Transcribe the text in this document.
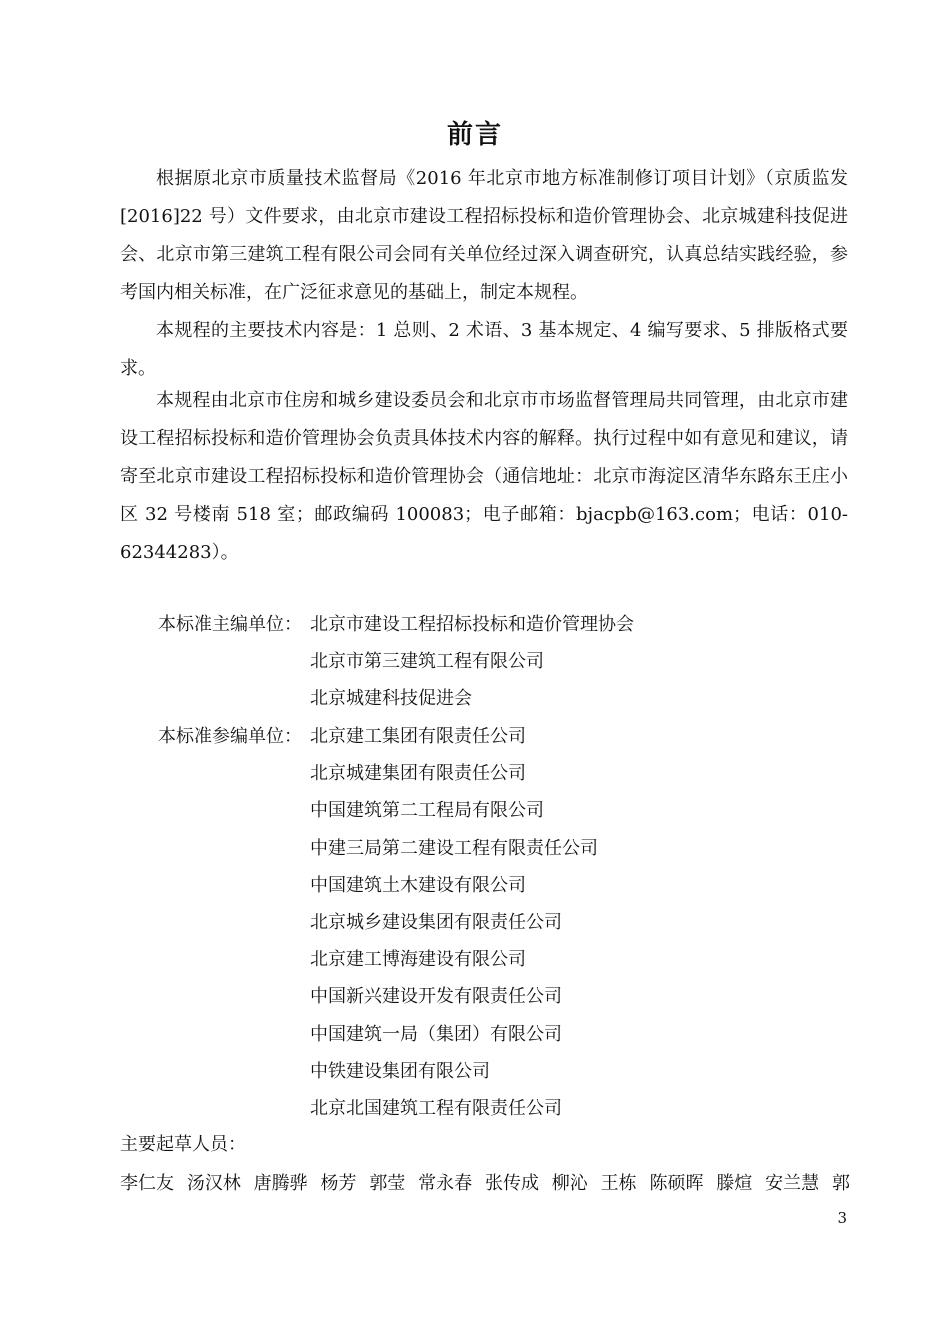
前言

根据原北京市质量技术监督局《2016 年北京市地方标准制修订项目计划》（京质监发[2016]22 号）文件要求，由北京市建设工程招标投标和造价管理协会、北京城建科技促进会、北京市第三建筑工程有限公司会同有关单位经过深入调查研究，认真总结实践经验，参考国内相关标准，在广泛征求意见的基础上，制定本规程。

本规程的主要技术内容是：1 总则、2 术语、3 基本规定、4 编写要求、5 排版格式要求。

本规程由北京市住房和城乡建设委员会和北京市市场监督管理局共同管理，由北京市建设工程招标投标和造价管理协会负责具体技术内容的解释。执行过程中如有意见和建议，请寄至北京市建设工程招标投标和造价管理协会（通信地址：北京市海淀区清华东路东王庄小区 32 号楼南 518 室；邮政编码 100083；电子邮箱：bjacpb@163.com；电话：010-62344283）。

本标准主编单位： 北京市建设工程招标投标和造价管理协会
北京市第三建筑工程有限公司
北京城建科技促进会
本标准参编单位： 北京建工集团有限责任公司
北京城建集团有限责任公司
中国建筑第二工程局有限公司
中建三局第二建设工程有限责任公司
中国建筑土木建设有限公司
北京城乡建设集团有限责任公司
北京建工博海建设有限公司
中国新兴建设开发有限责任公司
中国建筑一局（集团）有限公司
中铁建设集团有限公司
北京北国建筑工程有限责任公司
主要起草人员：
李仁友 汤汉林 唐腾骅 杨芳 郭莹 常永春 张传成 柳沁 王栋 陈硕晖 滕煊 安兰慧 郭
3
